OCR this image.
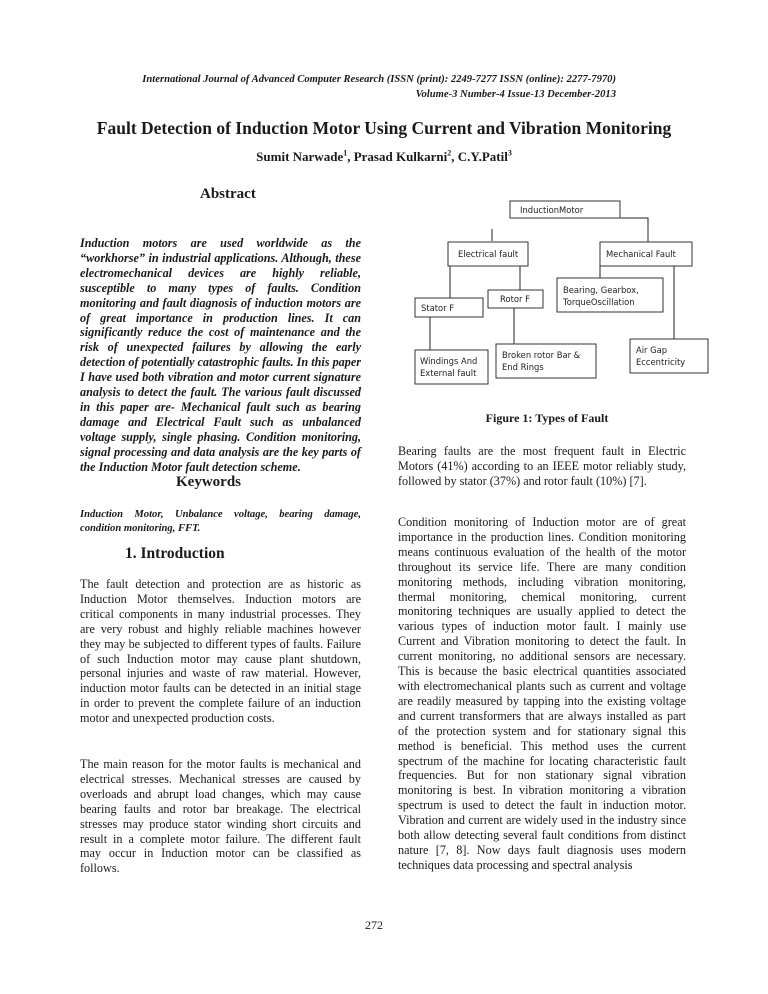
International Journal of Advanced Computer Research (ISSN (print): 2249-7277 ISSN (online): 2277-7970)
Volume-3 Number-4 Issue-13 December-2013
Fault Detection of Induction Motor Using Current and Vibration Monitoring
Sumit Narwade$^1$, Prasad Kulkarni$^2$, C.Y.Patil$^3$
Abstract
Induction motors are used worldwide as the “workhorse” in industrial applications. Although, these electromechanical devices are highly reliable, susceptible to many types of faults. Condition monitoring and fault diagnosis of induction motors are of great importance in production lines. It can significantly reduce the cost of maintenance and the risk of unexpected failures by allowing the early detection of potentially catastrophic faults. In this paper I have used both vibration and motor current signature analysis to detect the fault. The various fault discussed in this paper are- Mechanical fault such as bearing damage and Electrical Fault such as unbalanced voltage supply, single phasing. Condition monitoring, signal processing and data analysis are the key parts of the Induction Motor fault detection scheme.
Keywords
Induction Motor, Unbalance voltage, bearing damage, condition monitoring, FFT.
1. Introduction
The fault detection and protection are as historic as Induction Motor themselves. Induction motors are critical components in many industrial processes. They are very robust and highly reliable machines however they may be subjected to different types of faults. Failure of such Induction motor may cause plant shutdown, personal injuries and waste of raw material. However, induction motor faults can be detected in an initial stage in order to prevent the complete failure of an induction motor and unexpected production costs.
The main reason for the motor faults is mechanical and electrical stresses. Mechanical stresses are caused by overloads and abrupt load changes, which may cause bearing faults and rotor bar breakage. The electrical stresses may produce stator winding short circuits and result in a complete motor failure. The different fault may occur in Induction motor can be classified as follows.
InductionMotor
Electrical fault	Mechanical Fault
Stator F
Rotor F
Bearing, Gearbox,
TorqueOscillation
Windings And
External fault
Broken rotor Bar &
End Rings
Air Gap
Eccentricity
Figure 1: Types of Fault
Bearing faults are the most frequent fault in Electric Motors (41%) according to an IEEE motor reliably study, followed by stator (37%) and rotor fault (10%) [7].
Condition monitoring of Induction motor are of great importance in the production lines. Condition monitoring means continuous evaluation of the health of the motor throughout its service life. There are many condition monitoring methods, including vibration monitoring, thermal monitoring, chemical monitoring, current monitoring techniques are usually applied to detect the various types of induction motor fault. I mainly use Current and Vibration monitoring to detect the fault. In current monitoring, no additional sensors are necessary. This is because the basic electrical quantities associated with electromechanical plants such as current and voltage are readily measured by tapping into the existing voltage and current transformers that are always installed as part of the protection system and for stationary signal this method is beneficial. This method uses the current spectrum of the machine for locating characteristic fault frequencies. But for non stationary signal vibration monitoring is best. In vibration monitoring a vibration spectrum is used to detect the fault in induction motor. Vibration and current are widely used in the industry since both allow detecting several fault conditions from distinct nature [7, 8]. Now days fault diagnosis uses modern techniques data processing and spectral analysis
272
